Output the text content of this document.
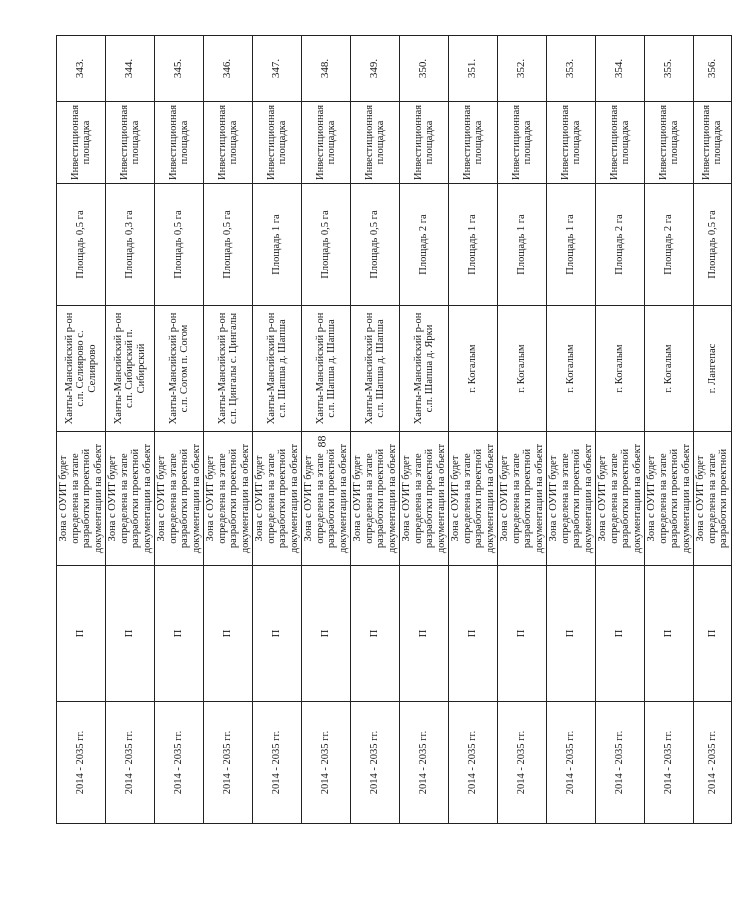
88
2014 - 2035 гг.	П	Зона с ОУИТ будет определена на этапе разработки проектной документации на объект	Ханты-Мансийский р-он с.п. Селиярово с. Селиярово	Площадь 0,5 га	Инвестиционная площадка	343.
2014 - 2035 гг.	П	Зона с ОУИТ будет определена на этапе разработки проектной документации на объект	Ханты-Мансийский р-он с.п. Сибирский п. Сибирский	Площадь 0,3 га	Инвестиционная площадка	344.
2014 - 2035 гг.	П	Зона с ОУИТ будет определена на этапе разработки проектной документации на объект	Ханты-Мансийский р-он с.п. Согом п. Согом	Площадь 0,5 га	Инвестиционная площадка	345.
2014 - 2035 гг.	П	Зона с ОУИТ будет определена на этапе разработки проектной документации на объект	Ханты-Мансийский р-он с.п. Цингалы с. Цингалы	Площадь 0,5 га	Инвестиционная площадка	346.
2014 - 2035 гг.	П	Зона с ОУИТ будет определена на этапе разработки проектной документации на объект	Ханты-Мансийский р-он с.п. Шапша д. Шапша	Площадь 1 га	Инвестиционная площадка	347.
2014 - 2035 гг.	П	Зона с ОУИТ будет определена на этапе разработки проектной документации на объект	Ханты-Мансийский р-он с.п. Шапша д. Шапша	Площадь 0,5 га	Инвестиционная площадка	348.
2014 - 2035 гг.	П	Зона с ОУИТ будет определена на этапе разработки проектной документации на объект	Ханты-Мансийский р-он с.п. Шапша д. Шапша	Площадь 0,5 га	Инвестиционная площадка	349.
2014 - 2035 гг.	П	Зона с ОУИТ будет определена на этапе разработки проектной документации на объект	Ханты-Мансийский р-он с.п. Шапша д. Ярки	Площадь 2 га	Инвестиционная площадка	350.
2014 - 2035 гг.	П	Зона с ОУИТ будет определена на этапе разработки проектной документации на объект	г. Когалым	Площадь 1 га	Инвестиционная площадка	351.
2014 - 2035 гг.	П	Зона с ОУИТ будет определена на этапе разработки проектной документации на объект	г. Когалым	Площадь 1 га	Инвестиционная площадка	352.
2014 - 2035 гг.	П	Зона с ОУИТ будет определена на этапе разработки проектной документации на объект	г. Когалым	Площадь 1 га	Инвестиционная площадка	353.
2014 - 2035 гг.	П	Зона с ОУИТ будет определена на этапе разработки проектной документации на объект	г. Когалым	Площадь 2 га	Инвестиционная площадка	354.
2014 - 2035 гг.	П	Зона с ОУИТ будет определена на этапе разработки проектной документации на объект	г. Когалым	Площадь 2 га	Инвестиционная площадка	355.
2014 - 2035 гг.	П	Зона с ОУИТ будет определена на этапе разработки проектной	г. Лангепас	Площадь 0,5 га	Инвестиционная площадка	356.
